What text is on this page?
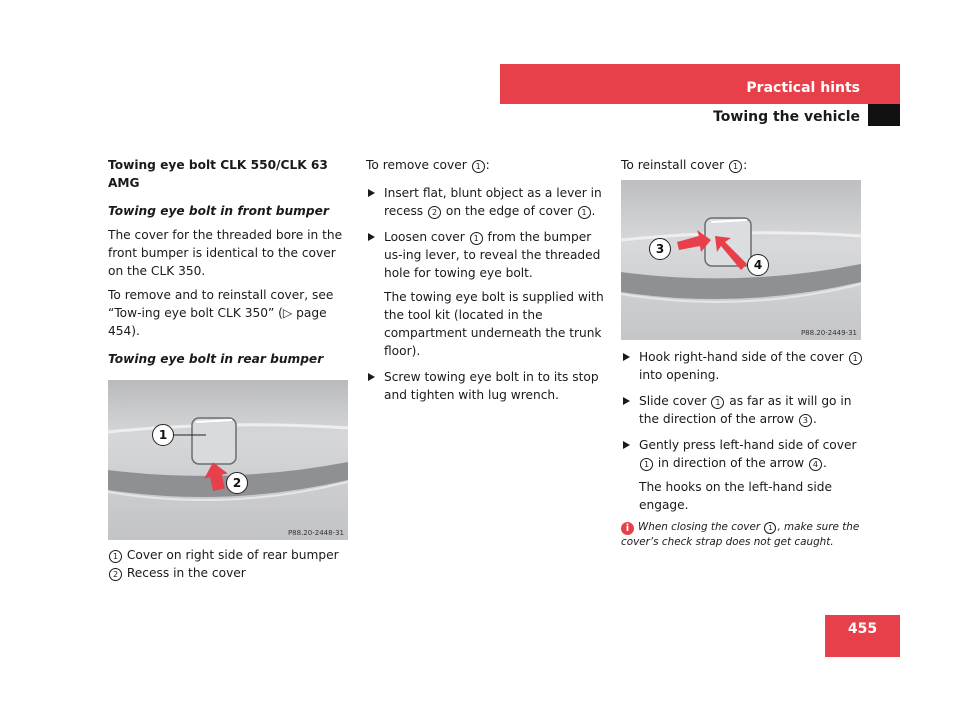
Practical hints
Towing the vehicle

Towing eye bolt CLK 550/CLK 63 AMG

Towing eye bolt in front bumper

The cover for the threaded bore in the front bumper is identical to the cover on the CLK 350.

To remove and to reinstall cover, see “Tow-ing eye bolt CLK 350” (▷ page 454).

Towing eye bolt in rear bumper

1
2
P88.20-2448-31
1 Cover on right side of rear bumper
2 Recess in the cover

To remove cover 1 :

Insert flat, blunt object as a lever in recess 2 on the edge of cover 1 .
Loosen cover 1 from the bumper us-ing lever, to reveal the threaded hole for towing eye bolt.

The towing eye bolt is supplied with the tool kit (located in the compartment underneath the trunk floor).

Screw towing eye bolt in to its stop and tighten with lug wrench.

To reinstall cover 1 :

3
4
P88.20-2449-31
Hook right-hand side of the cover 1 into opening.
Slide cover 1 as far as it will go in the direction of the arrow 3 .
Gently press left-hand side of cover 1 in direction of the arrow 4 .

The hooks on the left-hand side engage.

i When closing the cover 1 , make sure the cover’s check strap does not get caught.
455
